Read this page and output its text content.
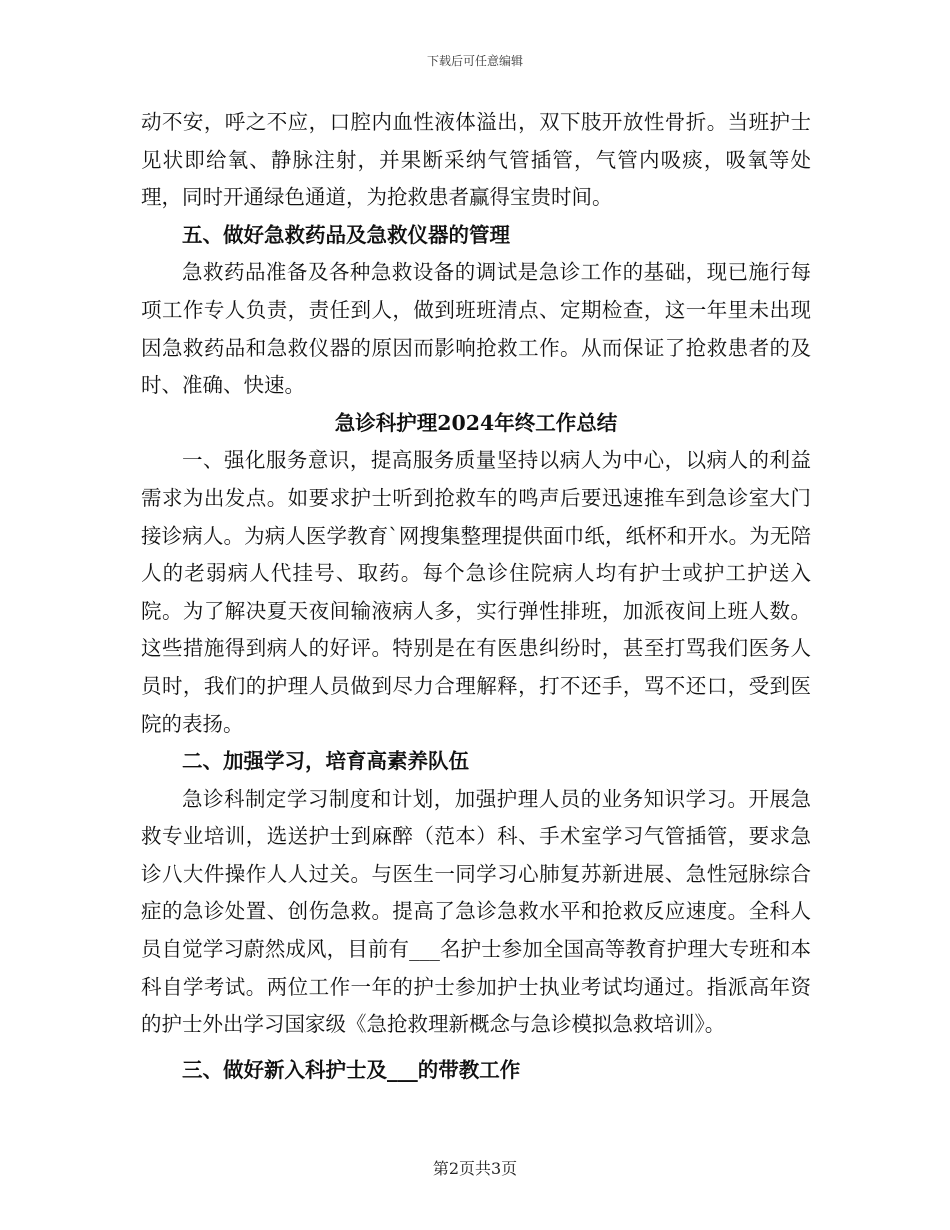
下载后可任意编辑

动不安，呼之不应，口腔内血性液体溢出，双下肢开放性骨折。当班护士见状即给氧、静脉注射，并果断采纳气管插管，气管内吸痰，吸氧等处理，同时开通绿色通道，为抢救患者赢得宝贵时间。

五、做好急救药品及急救仪器的管理

急救药品准备及各种急救设备的调试是急诊工作的基础，现已施行每项工作专人负责，责任到人，做到班班清点、定期检查，这一年里未出现因急救药品和急救仪器的原因而影响抢救工作。从而保证了抢救患者的及时、准确、快速。

急诊科护理2024年终工作总结

一、强化服务意识，提高服务质量坚持以病人为中心，以病人的利益需求为出发点。如要求护士听到抢救车的鸣声后要迅速推车到急诊室大门接诊病人。为病人医学教育`网搜集整理提供面巾纸，纸杯和开水。为无陪人的老弱病人代挂号、取药。每个急诊住院病人均有护士或护工护送入院。为了解决夏天夜间输液病人多，实行弹性排班，加派夜间上班人数。这些措施得到病人的好评。特别是在有医患纠纷时，甚至打骂我们医务人员时，我们的护理人员做到尽力合理解释，打不还手，骂不还口，受到医院的表扬。

二、加强学习，培育高素养队伍

急诊科制定学习制度和计划，加强护理人员的业务知识学习。开展急救专业培训，选送护士到麻醉（范本）科、手术室学习气管插管，要求急诊八大件操作人人过关。与医生一同学习心肺复苏新进展、急性冠脉综合症的急诊处置、创伤急救。提高了急诊急救水平和抢救反应速度。全科人员自觉学习蔚然成风，目前有___名护士参加全国高等教育护理大专班和本科自学考试。两位工作一年的护士参加护士执业考试均通过。指派高年资的护士外出学习国家级《急抢救理新概念与急诊模拟急救培训》。

三、做好新入科护士及___的带教工作

第2页共3页
